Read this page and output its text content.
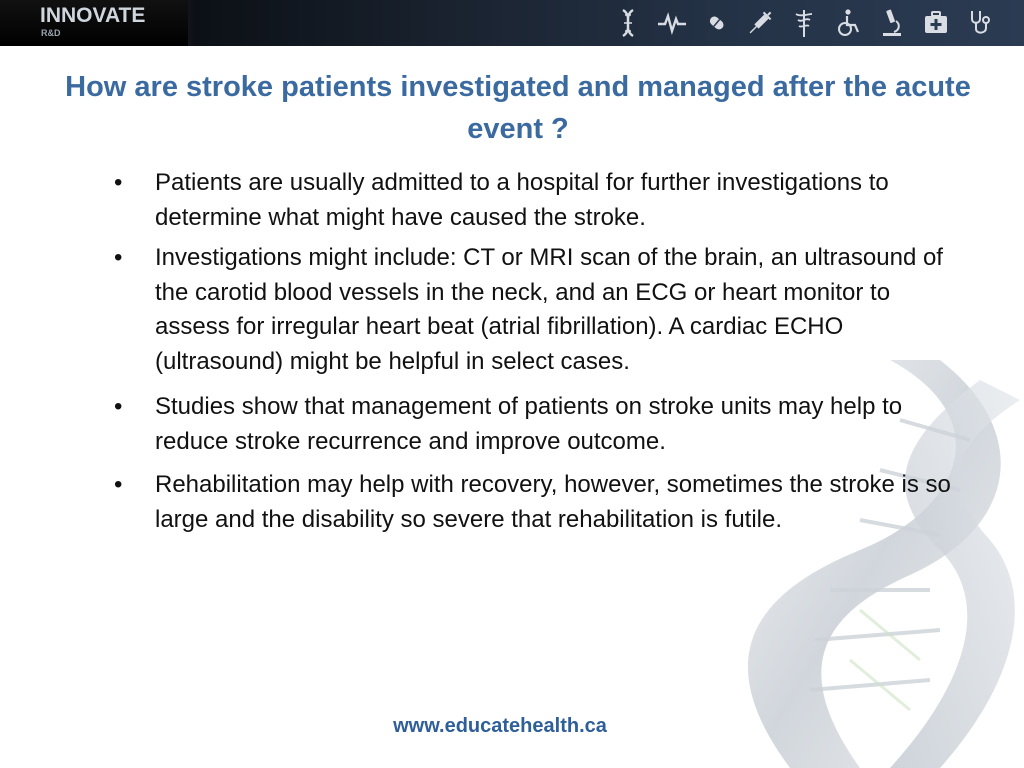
INNOVATE
R&D
How are stroke patients investigated and managed after the acute event ?
• Patients are usually admitted to a hospital for further investigations to determine what might have caused the stroke.
• Investigations might include: CT or MRI scan of the brain, an ultrasound of the carotid blood vessels in the neck, and an ECG or heart monitor to assess for irregular heart beat (atrial fibrillation). A cardiac ECHO (ultrasound) might be helpful in select cases.
• Studies show that management of patients on stroke units may help to reduce stroke recurrence and improve outcome.
• Rehabilitation may help with recovery, however, sometimes the stroke is so large and the disability so severe that rehabilitation is futile.
www.educatehealth.ca
